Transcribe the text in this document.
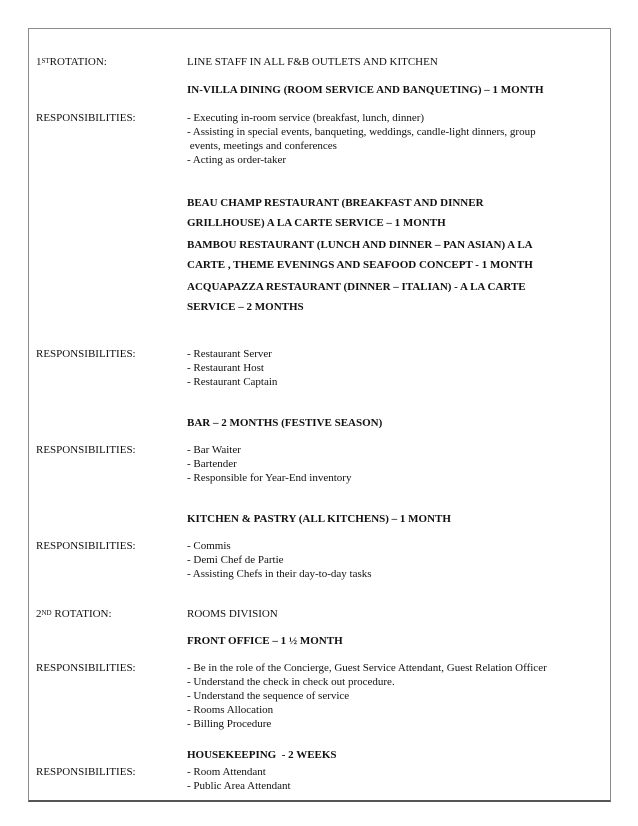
1STROTATION:	LINE STAFF IN ALL F&B OUTLETS AND KITCHEN
IN-VILLA DINING (ROOM SERVICE AND BANQUETING) – 1 MONTH
RESPONSIBILITIES:	- Executing in-room service (breakfast, lunch, dinner)
- Assisting in special events, banqueting, weddings, candle-light dinners, group
events, meetings and conferences
- Acting as order-taker
BEAU CHAMP RESTAURANT (BREAKFAST AND DINNER
GRILLHOUSE) A LA CARTE SERVICE – 1 MONTH
BAMBOU RESTAURANT (LUNCH AND DINNER – PAN ASIAN) A LA
CARTE , THEME EVENINGS AND SEAFOOD CONCEPT - 1 MONTH
ACQUAPAZZA RESTAURANT (DINNER – ITALIAN) - A LA CARTE
SERVICE – 2 MONTHS
RESPONSIBILITIES:	- Restaurant Server
- Restaurant Host
- Restaurant Captain
BAR – 2 MONTHS (FESTIVE SEASON)
RESPONSIBILITIES:	- Bar Waiter
- Bartender
- Responsible for Year-End inventory
KITCHEN & PASTRY (ALL KITCHENS) – 1 MONTH
RESPONSIBILITIES:	- Commis
- Demi Chef de Partie
- Assisting Chefs in their day-to-day tasks
2ND ROTATION:	ROOMS DIVISION
FRONT OFFICE – 1 ½ MONTH
RESPONSIBILITIES:	- Be in the role of the Concierge, Guest Service Attendant, Guest Relation Officer
- Understand the check in check out procedure.
- Understand the sequence of service
- Rooms Allocation
- Billing Procedure
HOUSEKEEPING  - 2 WEEKS
RESPONSIBILITIES:	- Room Attendant
- Public Area Attendant
